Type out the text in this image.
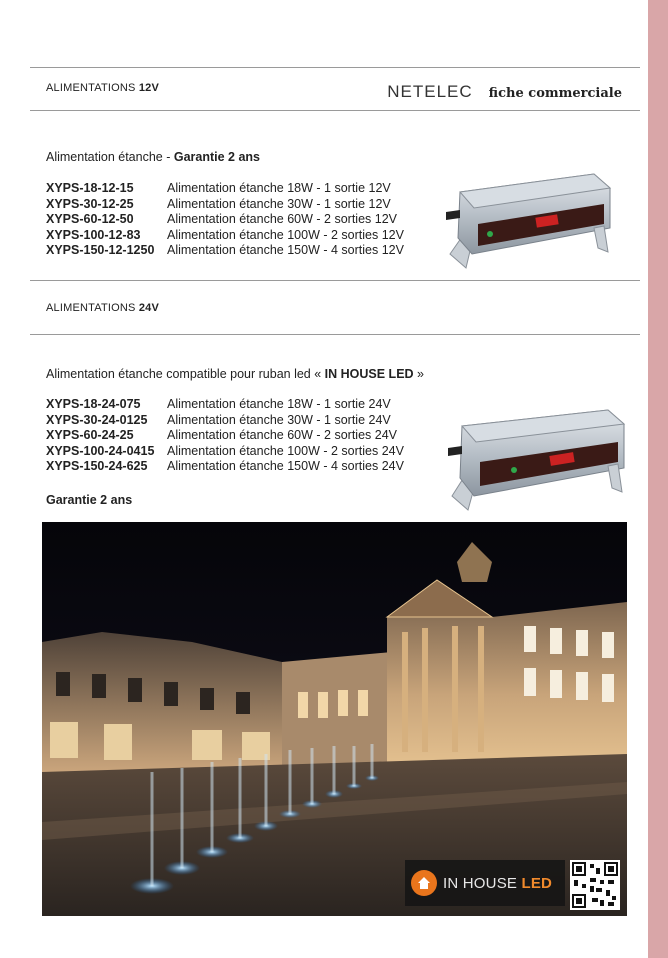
ALIMENTATIONS 12V	NETELEC fiche commerciale
Alimentation étanche - Garantie 2 ans
XYPS-18-12-15	Alimentation étanche 18W - 1 sortie 12V
XYPS-30-12-25	Alimentation étanche 30W - 1 sortie 12V
XYPS-60-12-50	Alimentation étanche 60W - 2 sorties 12V
XYPS-100-12-83	Alimentation étanche 100W - 2 sorties 12V
XYPS-150-12-1250	Alimentation étanche 150W - 4 sorties 12V
ALIMENTATIONS 24V
Alimentation étanche compatible pour ruban led « IN HOUSE LED »
XYPS-18-24-075	Alimentation étanche 18W - 1 sortie 24V
XYPS-30-24-0125	Alimentation étanche 30W - 1 sortie 24V
XYPS-60-24-25	Alimentation étanche 60W - 2 sorties 24V
XYPS-100-24-0415	Alimentation étanche 100W - 2 sorties 24V
XYPS-150-24-625	Alimentation étanche 150W - 4 sorties 24V
Garantie 2 ans
IN HOUSE LED
